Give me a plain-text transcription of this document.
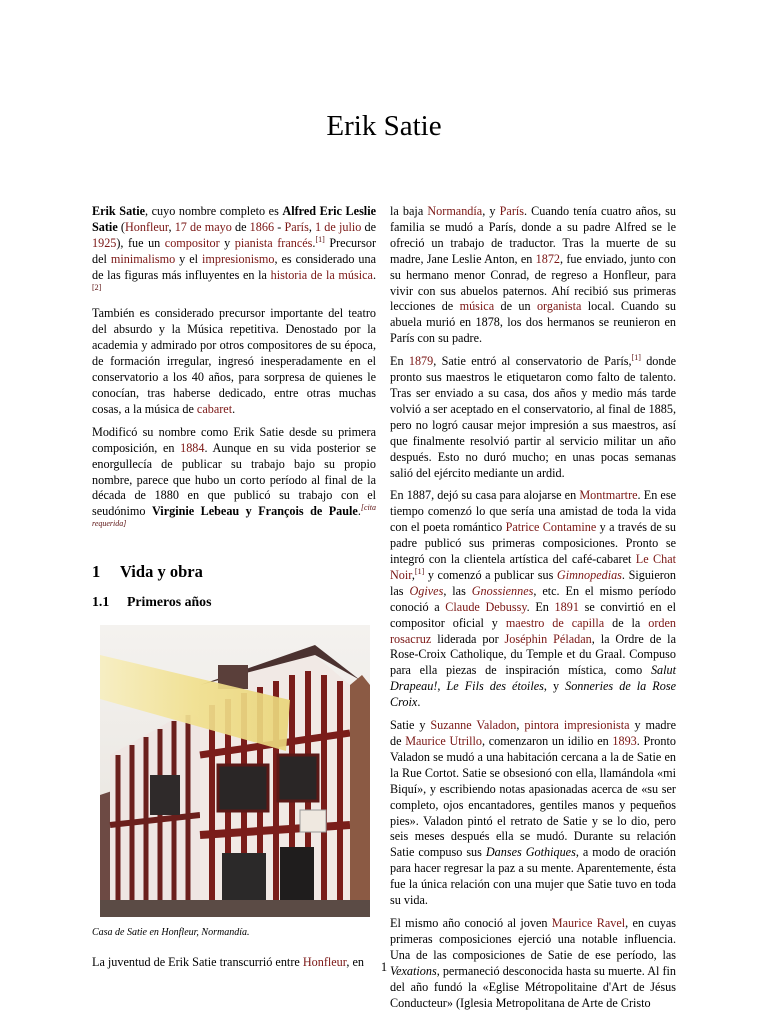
Erik Satie

Erik Satie, cuyo nombre completo es Alfred Eric Leslie Satie (Honfleur, 17 de mayo de 1866 - París, 1 de julio de 1925), fue un compositor y pianista francés.[1] Precursor del minimalismo y el impresionismo, es considerado una de las figuras más influyentes en la historia de la música.[2]

También es considerado precursor importante del teatro del absurdo y la Música repetitiva. Denostado por la academia y admirado por otros compositores de su época, de formación irregular, ingresó inesperadamente en el conservatorio a los 40 años, para sorpresa de quienes le conocían, tras haberse dedicado, entre otras muchas cosas, a la música de cabaret.

Modificó su nombre como Erik Satie desde su primera composición, en 1884. Aunque en su vida posterior se enorgullecía de publicar su trabajo bajo su propio nombre, parece que hubo un corto período al final de la década de 1880 en que publicó su trabajo con el seudónimo Virginie Lebeau y François de Paule.[cita requerida]

1 Vida y obra
1.1 Primeros años
Casa de Satie en Honfleur, Normandía.

La juventud de Erik Satie transcurrió entre Honfleur, en

la baja Normandía, y París. Cuando tenía cuatro años, su familia se mudó a París, donde a su padre Alfred se le ofreció un trabajo de traductor. Tras la muerte de su madre, Jane Leslie Anton, en 1872, fue enviado, junto con su hermano menor Conrad, de regreso a Honfleur, para vivir con sus abuelos paternos. Ahí recibió sus primeras lecciones de música de un organista local. Cuando su abuela murió en 1878, los dos hermanos se reunieron en París con su padre.

En 1879, Satie entró al conservatorio de París,[1] donde pronto sus maestros le etiquetaron como falto de talento. Tras ser enviado a su casa, dos años y medio más tarde volvió a ser aceptado en el conservatorio, al final de 1885, pero no logró causar mejor impresión a sus maestros, así que finalmente resolvió partir al servicio militar un año después. Esto no duró mucho; en unas pocas semanas salió del ejército mediante un ardid.

En 1887, dejó su casa para alojarse en Montmartre. En ese tiempo comenzó lo que sería una amistad de toda la vida con el poeta romántico Patrice Contamine y a través de su padre publicó sus primeras composiciones. Pronto se integró con la clientela artística del café-cabaret Le Chat Noir,[1] y comenzó a publicar sus Gimnopedias. Siguieron las Ogives, las Gnossiennes, etc. En el mismo período conoció a Claude Debussy. En 1891 se convirtió en el compositor oficial y maestro de capilla de la orden rosacruz liderada por Joséphin Péladan, la Ordre de la Rose-Croix Catholique, du Temple et du Graal. Compuso para ella piezas de inspiración mística, como Salut Drapeau!, Le Fils des étoiles, y Sonneries de la Rose Croix.

Satie y Suzanne Valadon, pintora impresionista y madre de Maurice Utrillo, comenzaron un idilio en 1893. Pronto Valadon se mudó a una habitación cercana a la de Satie en la Rue Cortot. Satie se obsesionó con ella, llamándola «mi Biquí», y escribiendo notas apasionadas acerca de «su ser completo, ojos encantadores, gentiles manos y pequeños pies». Valadon pintó el retrato de Satie y se lo dio, pero seis meses después ella se mudó. Durante su relación Satie compuso sus Danses Gothiques, a modo de oración para hacer regresar la paz a su mente. Aparentemente, ésta fue la única relación con una mujer que Satie tuvo en toda su vida.

El mismo año conoció al joven Maurice Ravel, en cuyas primeras composiciones ejerció una notable influencia. Una de las composiciones de Satie de ese período, las Vexations, permaneció desconocida hasta su muerte. Al fin del año fundó la «Eglise Métropolitaine d'Art de Jésus Conducteur» (Iglesia Metropolitana de Arte de Cristo

1
